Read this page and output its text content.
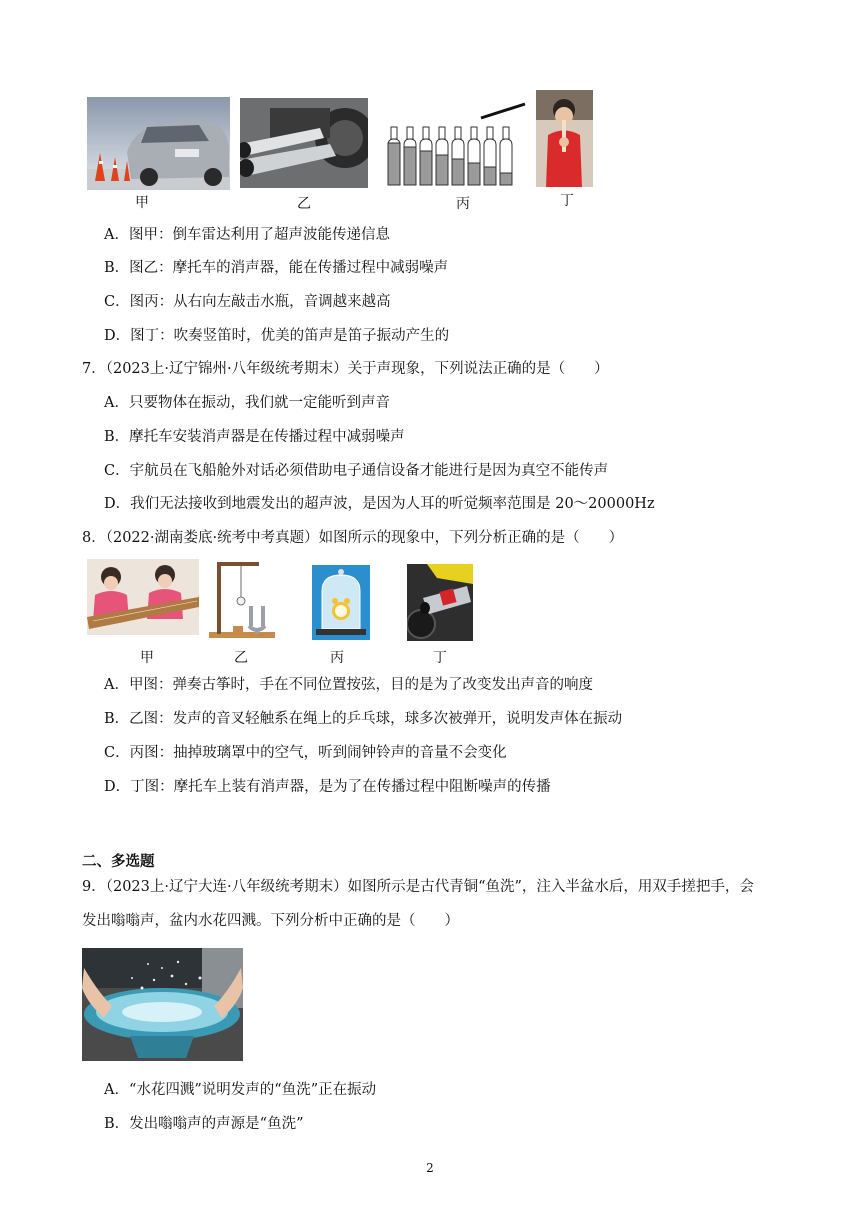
甲	乙	丙	丁
A．图甲：倒车雷达利用了超声波能传递信息
B．图乙：摩托车的消声器，能在传播过程中减弱噪声
C．图丙：从右向左敲击水瓶，音调越来越高
D．图丁：吹奏竖笛时，优美的笛声是笛子振动产生的
7．（2023上·辽宁锦州·八年级统考期末）关于声现象，下列说法正确的是（　　）
A．只要物体在振动，我们就一定能听到声音
B．摩托车安装消声器是在传播过程中减弱噪声
C．宇航员在飞船舱外对话必须借助电子通信设备才能进行是因为真空不能传声
D．我们无法接收到地震发出的超声波，是因为人耳的听觉频率范围是 20～20000Hz
8．（2022·湖南娄底·统考中考真题）如图所示的现象中，下列分析正确的是（　　）
甲	乙	丙	丁
A．甲图：弹奏古筝时，手在不同位置按弦，目的是为了改变发出声音的响度
B．乙图：发声的音叉轻触系在绳上的乒乓球，球多次被弹开，说明发声体在振动
C．丙图：抽掉玻璃罩中的空气，听到闹钟铃声的音量不会变化
D．丁图：摩托车上装有消声器，是为了在传播过程中阻断噪声的传播
二、多选题
9．（2023上·辽宁大连·八年级统考期末）如图所示是古代青铜“鱼洗”，注入半盆水后，用双手搓把手，会
发出嗡嗡声，盆内水花四溅。下列分析中正确的是（　　）
A．“水花四溅”说明发声的“鱼洗”正在振动
B．发出嗡嗡声的声源是“鱼洗”
2
